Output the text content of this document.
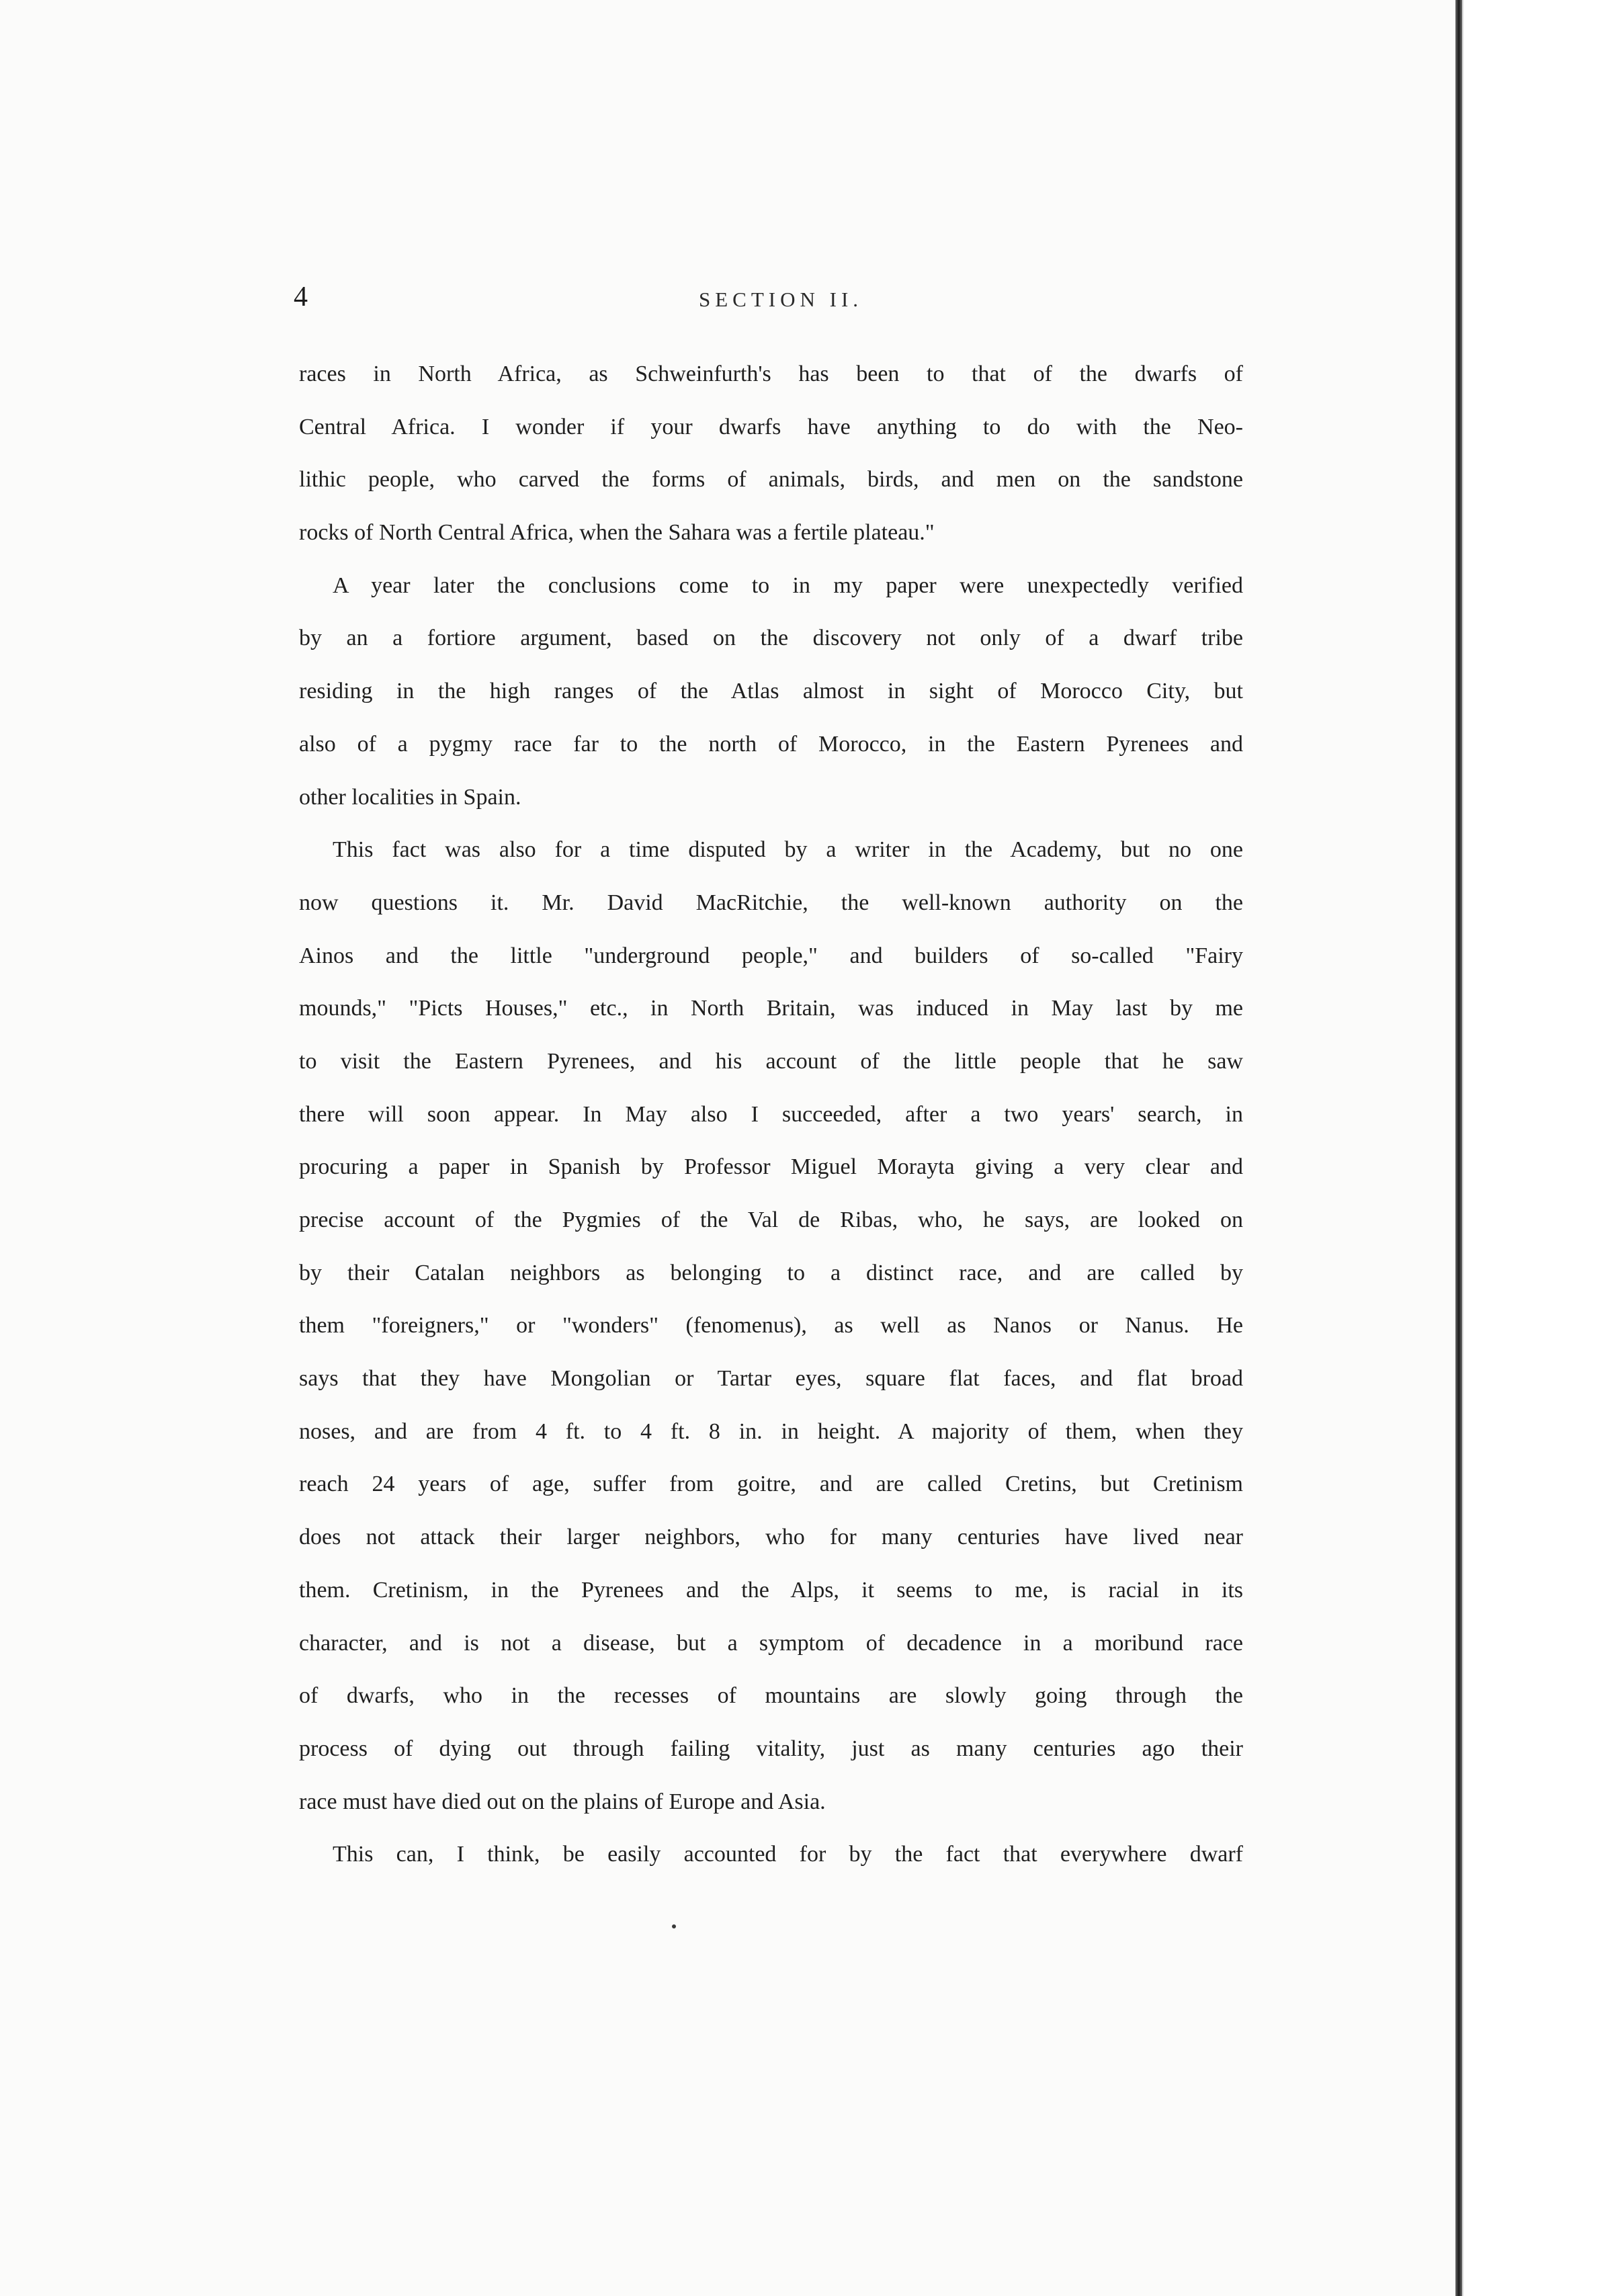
4	SECTION II.
races in North Africa, as Schweinfurth's has been to that of the dwarfs of
Central Africa. I wonder if your dwarfs have anything to do with the Neo-
lithic people, who carved the forms of animals, birds, and men on the sandstone
rocks of North Central Africa, when the Sahara was a fertile plateau."
A year later the conclusions come to in my paper were unexpectedly verified
by an a fortiore argument, based on the discovery not only of a dwarf tribe
residing in the high ranges of the Atlas almost in sight of Morocco City, but
also of a pygmy race far to the north of Morocco, in the Eastern Pyrenees and
other localities in Spain.
This fact was also for a time disputed by a writer in the Academy, but no one
now questions it. Mr. David MacRitchie, the well-known authority on the
Ainos and the little "underground people," and builders of so-called "Fairy
mounds," "Picts Houses," etc., in North Britain, was induced in May last by me
to visit the Eastern Pyrenees, and his account of the little people that he saw
there will soon appear. In May also I succeeded, after a two years' search, in
procuring a paper in Spanish by Professor Miguel Morayta giving a very clear and
precise account of the Pygmies of the Val de Ribas, who, he says, are looked on
by their Catalan neighbors as belonging to a distinct race, and are called by
them "foreigners," or "wonders" (fenomenus), as well as Nanos or Nanus. He
says that they have Mongolian or Tartar eyes, square flat faces, and flat broad
noses, and are from 4 ft. to 4 ft. 8 in. in height. A majority of them, when they
reach 24 years of age, suffer from goitre, and are called Cretins, but Cretinism
does not attack their larger neighbors, who for many centuries have lived near
them. Cretinism, in the Pyrenees and the Alps, it seems to me, is racial in its
character, and is not a disease, but a symptom of decadence in a moribund race
of dwarfs, who in the recesses of mountains are slowly going through the
process of dying out through failing vitality, just as many centuries ago their
race must have died out on the plains of Europe and Asia.
This can, I think, be easily accounted for by the fact that everywhere dwarf
